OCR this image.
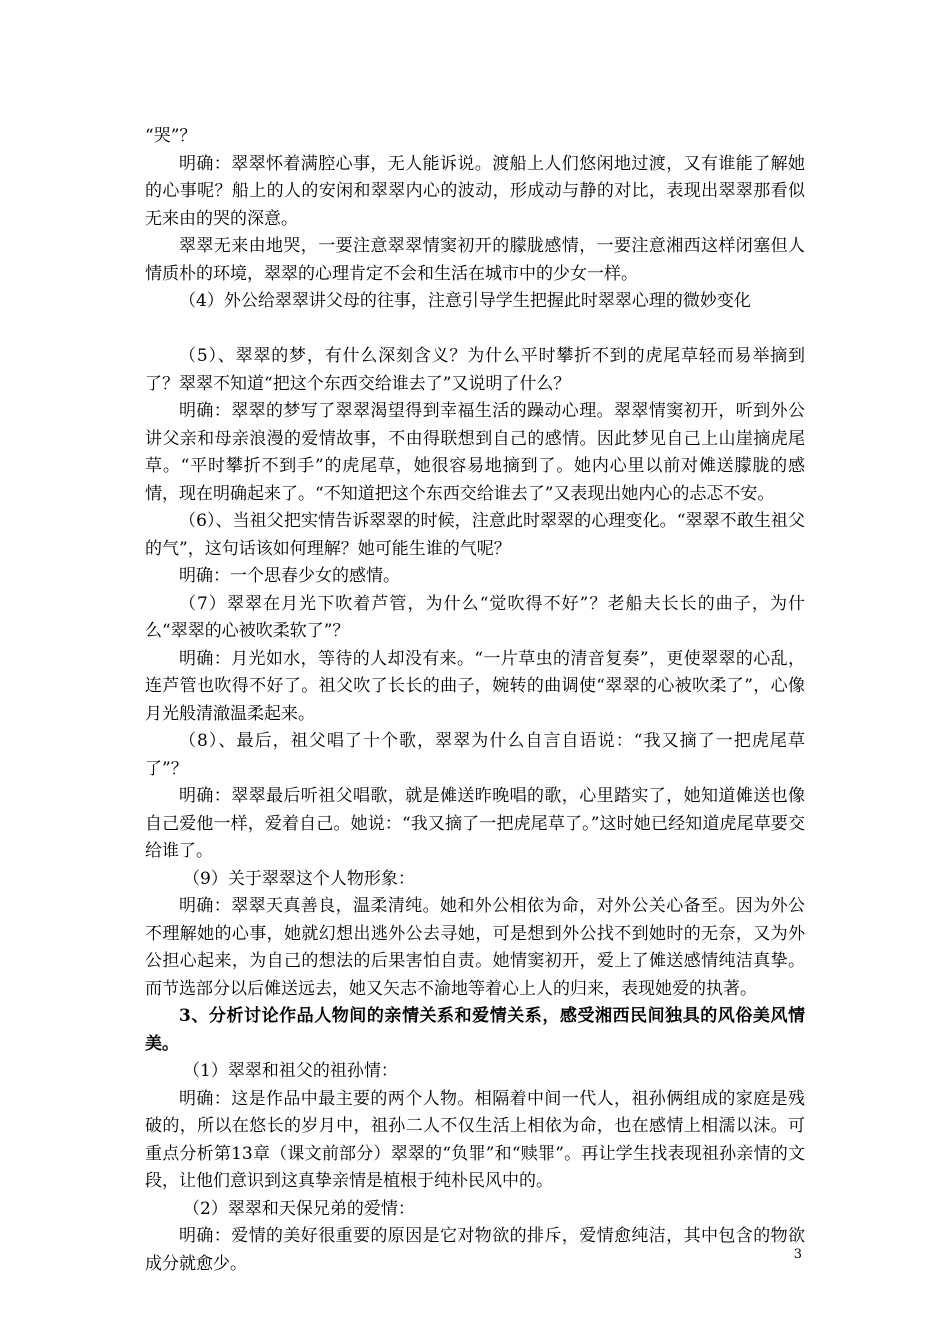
“哭”？

明确：翠翠怀着满腔心事，无人能诉说。渡船上人们悠闲地过渡，又有谁能了解她的心事呢？船上的人的安闲和翠翠内心的波动，形成动与静的对比，表现出翠翠那看似无来由的哭的深意。

翠翠无来由地哭，一要注意翠翠情窦初开的朦胧感情，一要注意湘西这样闭塞但人情质朴的环境，翠翠的心理肯定不会和生活在城市中的少女一样。

（4）外公给翠翠讲父母的往事，注意引导学生把握此时翠翠心理的微妙变化

（5）、翠翠的梦，有什么深刻含义？为什么平时攀折不到的虎尾草轻而易举摘到了？翠翠不知道“把这个东西交给谁去了”又说明了什么？

明确：翠翠的梦写了翠翠渴望得到幸福生活的躁动心理。翠翠情窦初开，听到外公讲父亲和母亲浪漫的爱情故事，不由得联想到自己的感情。因此梦见自己上山崖摘虎尾草。“平时攀折不到手”的虎尾草，她很容易地摘到了。她内心里以前对傩送朦胧的感情，现在明确起来了。“不知道把这个东西交给谁去了”又表现出她内心的忐忑不安。

（6）、当祖父把实情告诉翠翠的时候，注意此时翠翠的心理变化。“翠翠不敢生祖父的气”，这句话该如何理解？她可能生谁的气呢？

明确：一个思春少女的感情。

（7）翠翠在月光下吹着芦管，为什么“觉吹得不好”？老船夫长长的曲子，为什么“翠翠的心被吹柔软了”？

明确：月光如水，等待的人却没有来。“一片草虫的清音复奏”，更使翠翠的心乱，连芦管也吹得不好了。祖父吹了长长的曲子，婉转的曲调使“翠翠的心被吹柔了”，心像月光般清澈温柔起来。

（8）、最后，祖父唱了十个歌，翠翠为什么自言自语说：“我又摘了一把虎尾草了”？

明确：翠翠最后听祖父唱歌，就是傩送昨晚唱的歌，心里踏实了，她知道傩送也像自己爱他一样，爱着自己。她说：“我又摘了一把虎尾草了。”这时她已经知道虎尾草要交给谁了。

（9）关于翠翠这个人物形象：

明确：翠翠天真善良，温柔清纯。她和外公相依为命，对外公关心备至。因为外公不理解她的心事，她就幻想出逃外公去寻她，可是想到外公找不到她时的无奈，又为外公担心起来，为自己的想法的后果害怕自责。她情窦初开，爱上了傩送感情纯洁真挚。而节选部分以后傩送远去，她又矢志不渝地等着心上人的归来，表现她爱的执著。

3、分析讨论作品人物间的亲情关系和爱情关系，感受湘西民间独具的风俗美风情美。

（1）翠翠和祖父的祖孙情：

明确：这是作品中最主要的两个人物。相隔着中间一代人，祖孙俩组成的家庭是残破的，所以在悠长的岁月中，祖孙二人不仅生活上相依为命，也在感情上相濡以沫。可重点分析第13章（课文前部分）翠翠的“负罪”和“赎罪”。再让学生找表现祖孙亲情的文段，让他们意识到这真挚亲情是植根于纯朴民风中的。

（2）翠翠和天保兄弟的爱情：

明确：爱情的美好很重要的原因是它对物欲的排斥，爱情愈纯洁，其中包含的物欲成分就愈少。	3
